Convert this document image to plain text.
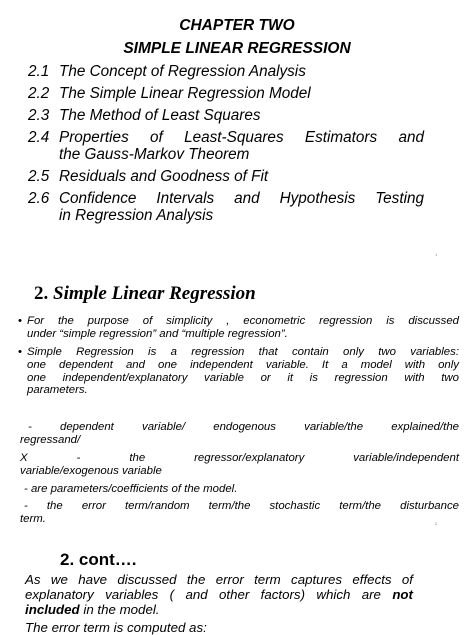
CHAPTER TWO
SIMPLE LINEAR REGRESSION
2.1 The Concept of Regression Analysis
2.2 The Simple Linear Regression Model
2.3 The Method of Least Squares
2.4 Properties of Least-Squares Estimators and
the Gauss-Markov Theorem
2.5 Residuals and Goodness of Fit
2.6 Confidence Intervals and Hypothesis Testing
in Regression Analysis
1
2. Simple Linear Regression
• For the purpose of simplicity , econometric regression is discussed
under “simple regression” and “multiple regression”.
• Simple Regression is a regression that contain only two variables:
one dependent and one independent variable. It a model with only
one independent/explanatory variable or it is regression with two
parameters.
- dependent variable/ endogenous variable/the explained/the
regressand/
X - the regressor/explanatory variable/independent
variable/exogenous variable
- are parameters/coefficients of the model.
- the error term/random term/the stochastic term/the disturbance
term.	2
2. cont….
As we have discussed the error term captures effects of
explanatory variables ( and other factors) which are not
included in the model.
The error term is computed as:
